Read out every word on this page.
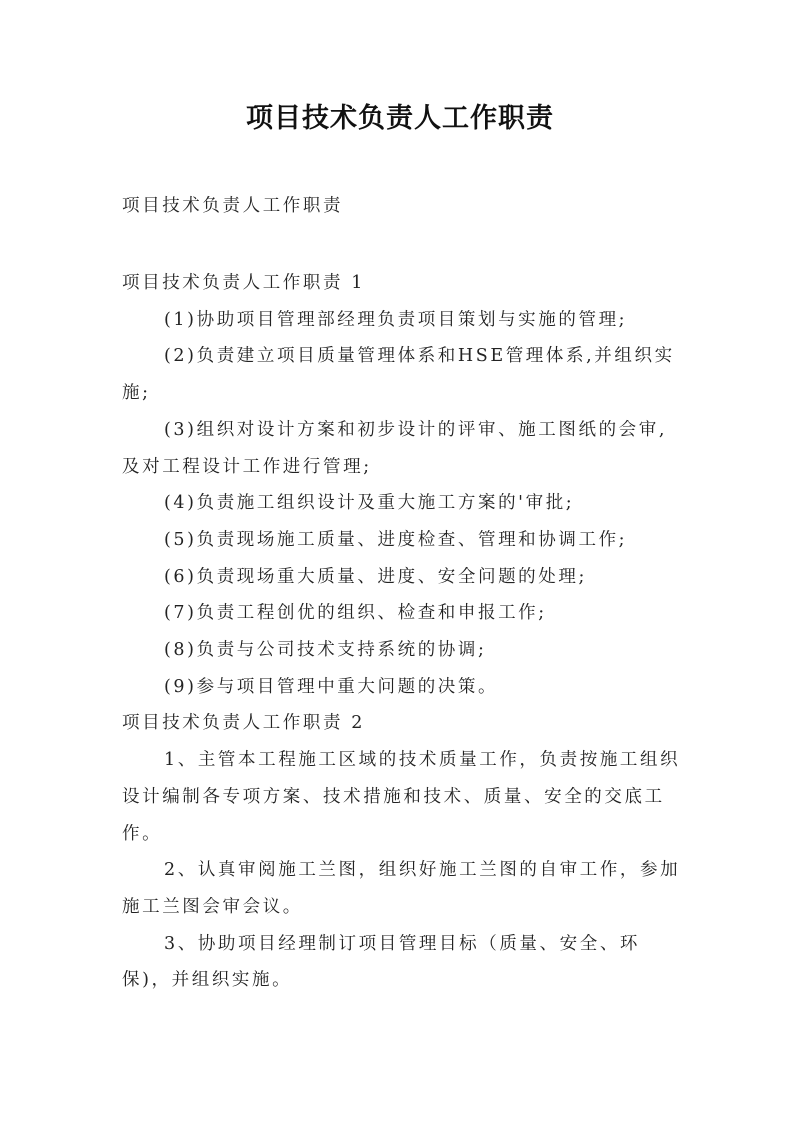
项目技术负责人工作职责

项目技术负责人工作职责

项目技术负责人工作职责 1

(1)协助项目管理部经理负责项目策划与实施的管理;

(2)负责建立项目质量管理体系和HSE管理体系,并组织实施;

(3)组织对设计方案和初步设计的评审、施工图纸的会审,及对工程设计工作进行管理;

(4)负责施工组织设计及重大施工方案的'审批;

(5)负责现场施工质量、进度检查、管理和协调工作;

(6)负责现场重大质量、进度、安全问题的处理;

(7)负责工程创优的组织、检查和申报工作;

(8)负责与公司技术支持系统的协调;

(9)参与项目管理中重大问题的决策。

项目技术负责人工作职责 2

1、主管本工程施工区域的技术质量工作，负责按施工组织设计编制各专项方案、技术措施和技术、质量、安全的交底工作。

2、认真审阅施工兰图，组织好施工兰图的自审工作，参加施工兰图会审会议。

3、协助项目经理制订项目管理目标（质量、安全、环保)，并组织实施。
